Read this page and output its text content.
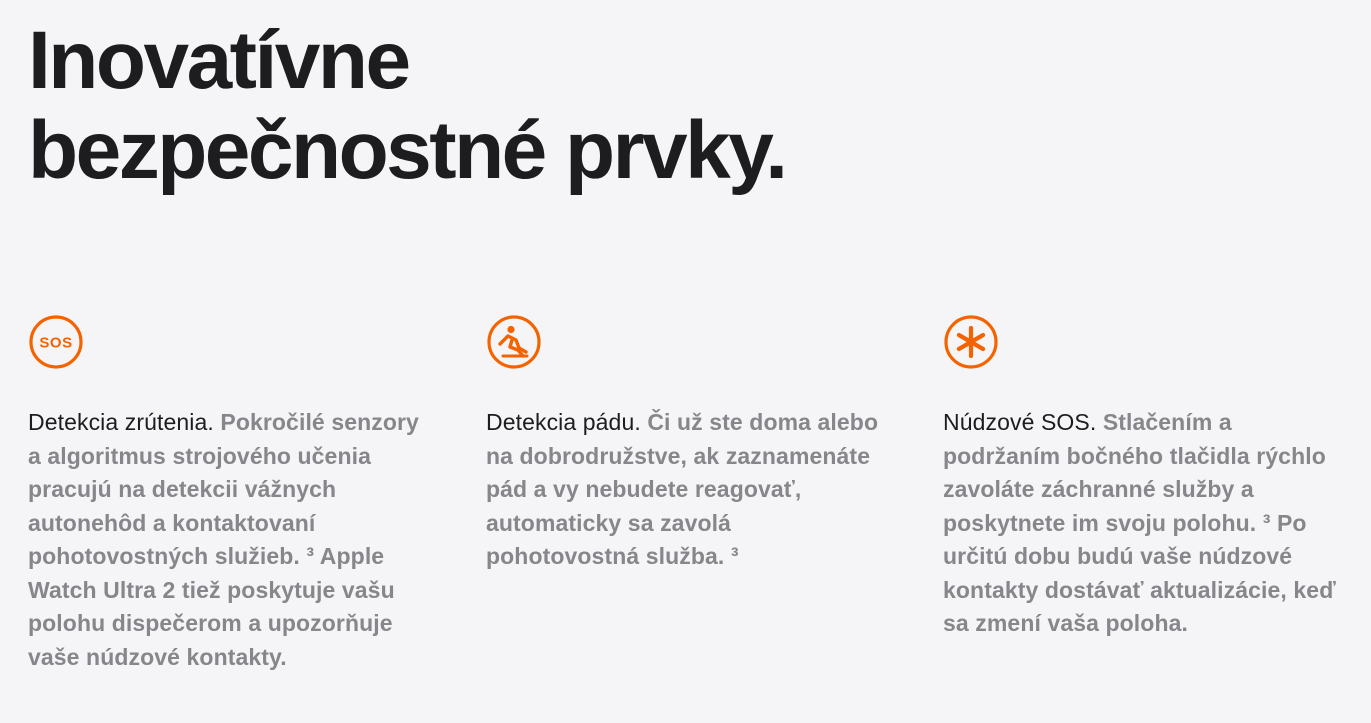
Inovatívne
bezpečnostné prvky.
SOS

Detekcia zrútenia. Pokročilé senzory a algoritmus strojového učenia pracujú na detekcii vážnych autonehôd a kontaktovaní pohotovostných služieb. ³ Apple Watch Ultra 2 tiež poskytuje vašu polohu dispečerom a upozorňuje vaše núdzové kontakty.

Detekcia pádu. Či už ste doma alebo na dobrodružstve, ak zaznamenáte pád a vy nebudete reagovať, automaticky sa zavolá pohotovostná služba. ³

Núdzové SOS. Stlačením a podržaním bočného tlačidla rýchlo zavoláte záchranné služby a poskytnete im svoju polohu. ³ Po určitú dobu budú vaše núdzové kontakty dostávať aktualizácie, keď sa zmení vaša poloha.
